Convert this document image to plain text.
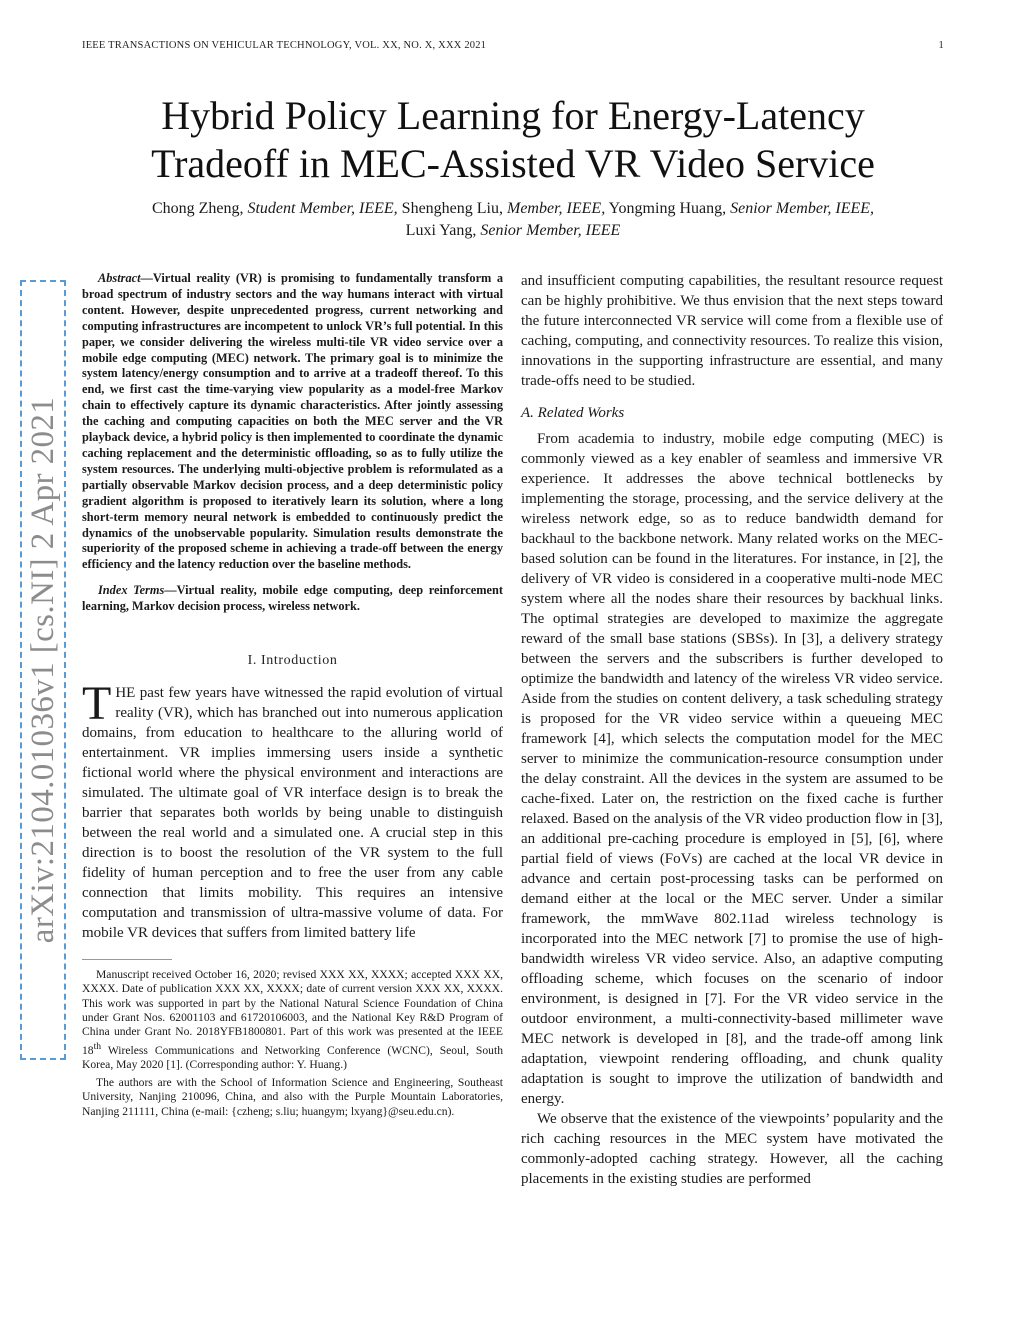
IEEE TRANSACTIONS ON VEHICULAR TECHNOLOGY, VOL. XX, NO. X, XXX 2021	1
arXiv:2104.01036v1 [cs.NI] 2 Apr 2021
Hybrid Policy Learning for Energy-Latency
Tradeoff in MEC-Assisted VR Video Service
Chong Zheng, Student Member, IEEE, Shengheng Liu, Member, IEEE, Yongming Huang, Senior Member, IEEE,
Luxi Yang, Senior Member, IEEE

Abstract—Virtual reality (VR) is promising to fundamentally transform a broad spectrum of industry sectors and the way humans interact with virtual content. However, despite unprecedented progress, current networking and computing infrastructures are incompetent to unlock VR’s full potential. In this paper, we consider delivering the wireless multi-tile VR video service over a mobile edge computing (MEC) network. The primary goal is to minimize the system latency/energy consumption and to arrive at a tradeoff thereof. To this end, we first cast the time-varying view popularity as a model-free Markov chain to effectively capture its dynamic characteristics. After jointly assessing the caching and computing capacities on both the MEC server and the VR playback device, a hybrid policy is then implemented to coordinate the dynamic caching replacement and the deterministic offloading, so as to fully utilize the system resources. The underlying multi-objective problem is reformulated as a partially observable Markov decision process, and a deep deterministic policy gradient algorithm is proposed to iteratively learn its solution, where a long short-term memory neural network is embedded to continuously predict the dynamics of the unobservable popularity. Simulation results demonstrate the superiority of the proposed scheme in achieving a trade-off between the energy efficiency and the latency reduction over the baseline methods.

Index Terms—Virtual reality, mobile edge computing, deep reinforcement learning, Markov decision process, wireless network.

I. Introduction

THE past few years have witnessed the rapid evolution of virtual reality (VR), which has branched out into numerous application domains, from education to healthcare to the alluring world of entertainment. VR implies immersing users inside a synthetic fictional world where the physical environment and interactions are simulated. The ultimate goal of VR interface design is to break the barrier that separates both worlds by being unable to distinguish between the real world and a simulated one. A crucial step in this direction is to boost the resolution of the VR system to the full fidelity of human perception and to free the user from any cable connection that limits mobility. This requires an intensive computation and transmission of ultra-massive volume of data. For mobile VR devices that suffers from limited battery life

Manuscript received October 16, 2020; revised XXX XX, XXXX; accepted XXX XX, XXXX. Date of publication XXX XX, XXXX; date of current version XXX XX, XXXX. This work was supported in part by the National Natural Science Foundation of China under Grant Nos. 62001103 and 61720106003, and the National Key R&D Program of China under Grant No. 2018YFB1800801. Part of this work was presented at the IEEE 18th Wireless Communications and Networking Conference (WCNC), Seoul, South Korea, May 2020 [1]. (Corresponding author: Y. Huang.)

The authors are with the School of Information Science and Engineering, Southeast University, Nanjing 210096, China, and also with the Purple Mountain Laboratories, Nanjing 211111, China (e-mail: {czheng; s.liu; huangym; lxyang}@seu.edu.cn).

and insufficient computing capabilities, the resultant resource request can be highly prohibitive. We thus envision that the next steps toward the future interconnected VR service will come from a flexible use of caching, computing, and connectivity resources. To realize this vision, innovations in the supporting infrastructure are essential, and many trade-offs need to be studied.

A. Related Works

From academia to industry, mobile edge computing (MEC) is commonly viewed as a key enabler of seamless and immersive VR experience. It addresses the above technical bottlenecks by implementing the storage, processing, and the service delivery at the wireless network edge, so as to reduce bandwidth demand for backhaul to the backbone network. Many related works on the MEC-based solution can be found in the literatures. For instance, in [2], the delivery of VR video is considered in a cooperative multi-node MEC system where all the nodes share their resources by backhual links. The optimal strategies are developed to maximize the aggregate reward of the small base stations (SBSs). In [3], a delivery strategy between the servers and the subscribers is further developed to optimize the bandwidth and latency of the wireless VR video service. Aside from the studies on content delivery, a task scheduling strategy is proposed for the VR video service within a queueing MEC framework [4], which selects the computation model for the MEC server to minimize the communication-resource consumption under the delay constraint. All the devices in the system are assumed to be cache-fixed. Later on, the restriction on the fixed cache is further relaxed. Based on the analysis of the VR video production flow in [3], an additional pre-caching procedure is employed in [5], [6], where partial field of views (FoVs) are cached at the local VR device in advance and certain post-processing tasks can be performed on demand either at the local or the MEC server. Under a similar framework, the mmWave 802.11ad wireless technology is incorporated into the MEC network [7] to promise the use of high-bandwidth wireless VR video service. Also, an adaptive computing offloading scheme, which focuses on the scenario of indoor environment, is designed in [7]. For the VR video service in the outdoor environment, a multi-connectivity-based millimeter wave MEC network is developed in [8], and the trade-off among link adaptation, viewpoint rendering offloading, and chunk quality adaptation is sought to improve the utilization of bandwidth and energy.

We observe that the existence of the viewpoints’ popularity and the rich caching resources in the MEC system have motivated the commonly-adopted caching strategy. However, all the caching placements in the existing studies are performed
